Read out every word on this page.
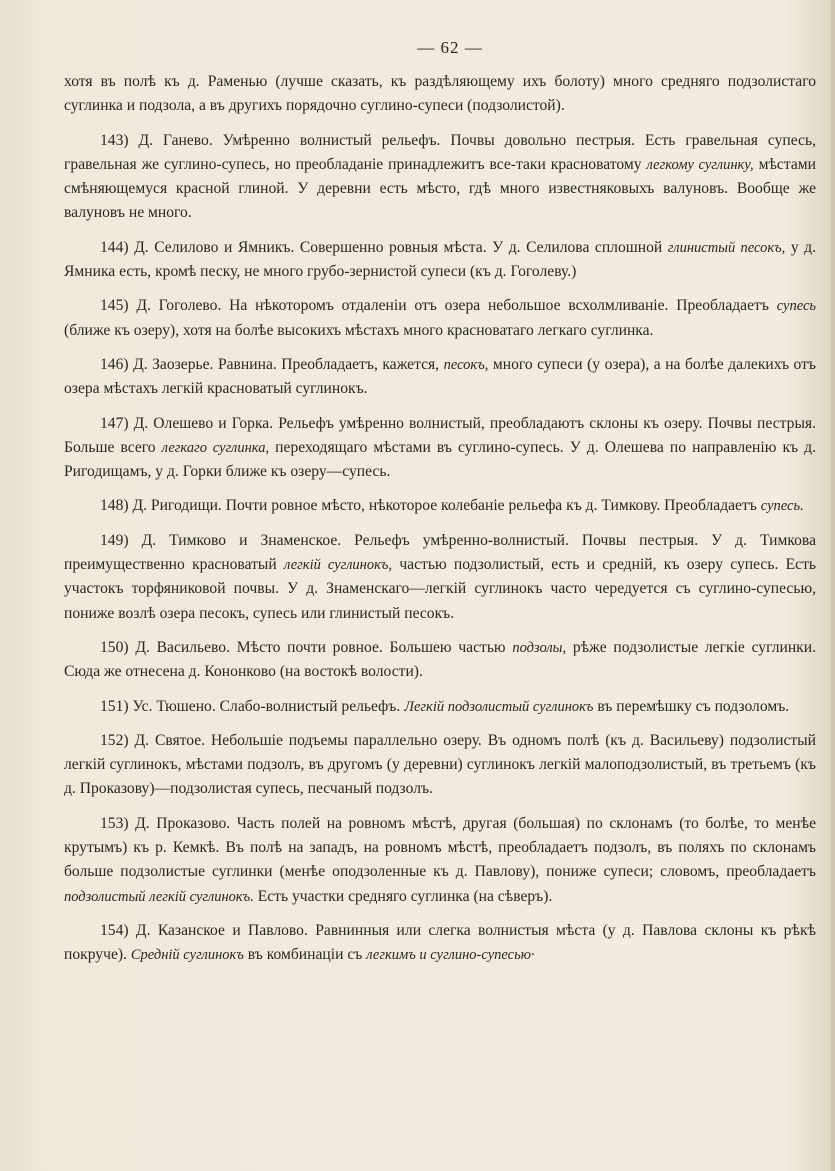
— 62 —

хотя въ полѣ къ д. Раменью (лучше сказать, къ раздѣляющему ихъ болоту) много средняго подзолистаго суглинка и подзола, а въ другихъ порядочно суглино-супеси (подзолистой).

143) Д. Ганево. Умѣренно волнистый рельефъ. Почвы довольно пестрыя. Есть гравельная супесь, гравельная же суглино-супесь, но преобладаніе принадлежитъ все-таки красноватому легкому суглинку, мѣстами смѣняющемуся красной глиной. У деревни есть мѣсто, гдѣ много известняковыхъ валуновъ. Вообще же валуновъ не много.

144) Д. Селилово и Ямникъ. Совершенно ровныя мѣста. У д. Селилова сплошной глинистый песокъ, у д. Ямника есть, кромѣ песку, не много грубо-зернистой супеси (къ д. Гоголеву.)

145) Д. Гоголево. На нѣкоторомъ отдаленіи отъ озера небольшое всхолмливаніе. Преобладаетъ супесь (ближе къ озеру), хотя на болѣе высокихъ мѣстахъ много красноватаго легкаго суглинка.

146) Д. Заозерье. Равнина. Преобладаетъ, кажется, песокъ, много супеси (у озера), а на болѣе далекихъ отъ озера мѣстахъ легкій красноватый суглинокъ.

147) Д. Олешево и Горка. Рельефъ умѣренно волнистый, преобладаютъ склоны къ озеру. Почвы пестрыя. Больше всего легкаго суглинка, переходящаго мѣстами въ суглино-супесь. У д. Олешева по направленію къ д. Ригодищамъ, у д. Горки ближе къ озеру—супесь.

148) Д. Ригодищи. Почти ровное мѣсто, нѣкоторое колебаніе рельефа къ д. Тимкову. Преобладаетъ супесь.

149) Д. Тимково и Знаменское. Рельефъ умѣренно-волнистый. Почвы пестрыя. У д. Тимкова преимущественно красноватый легкій суглинокъ, частью подзолистый, есть и средній, къ озеру супесь. Есть участокъ торфяниковой почвы. У д. Знаменскаго—легкій суглинокъ часто чередуется съ суглино-супесью, пониже возлѣ озера песокъ, супесь или глинистый песокъ.

150) Д. Васильево. Мѣсто почти ровное. Большею частью подзолы, рѣже подзолистые легкіе суглинки. Сюда же отнесена д. Кононково (на востокѣ волости).

151) Ус. Тюшено. Слабо-волнистый рельефъ. Легкій подзолистый суглинокъ въ перемѣшку съ подзоломъ.

152) Д. Святое. Небольшіе подъемы параллельно озеру. Въ одномъ полѣ (къ д. Васильеву) подзолистый легкій суглинокъ, мѣстами подзолъ, въ другомъ (у деревни) суглинокъ легкій малоподзолистый, въ третьемъ (къ д. Проказову)—подзолистая супесь, песчаный подзолъ.

153) Д. Проказово. Часть полей на ровномъ мѣстѣ, другая (большая) по склонамъ (то болѣе, то менѣе крутымъ) къ р. Кемкѣ. Въ полѣ на западъ, на ровномъ мѣстѣ, преобладаетъ подзолъ, въ поляхъ по склонамъ больше подзолистые суглинки (менѣе оподзоленные къ д. Павлову), пониже супеси; словомъ, преобладаетъ подзолистый легкій суглинокъ. Есть участки средняго суглинка (на сѣверъ).

154) Д. Казанское и Павлово. Равнинныя или слегка волнистыя мѣста (у д. Павлова склоны къ рѣкѣ покруче). Средній суглинокъ въ комбинаціи съ легкимъ и суглино-супесью·
